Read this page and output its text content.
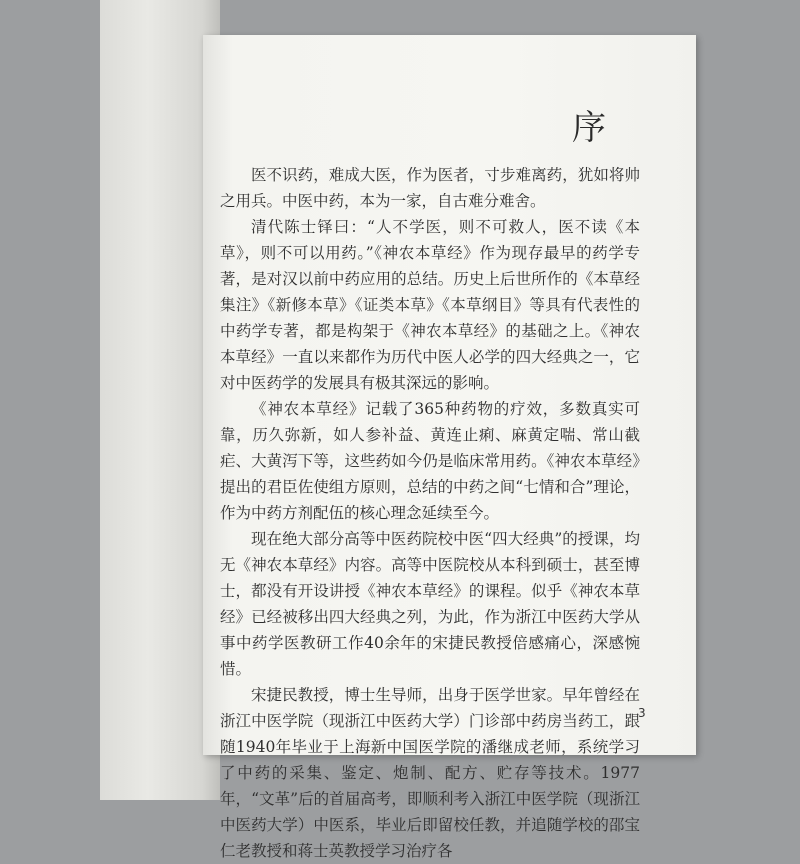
序

医不识药，难成大医，作为医者，寸步难离药，犹如将帅之用兵。中医中药，本为一家，自古难分难舍。

清代陈士铎曰：“人不学医，则不可救人，医不读《本草》，则不可以用药。”《神农本草经》作为现存最早的药学专著，是对汉以前中药应用的总结。历史上后世所作的《本草经集注》《新修本草》《证类本草》《本草纲目》等具有代表性的中药学专著，都是构架于《神农本草经》的基础之上。《神农本草经》一直以来都作为历代中医人必学的四大经典之一，它对中医药学的发展具有极其深远的影响。

《神农本草经》记载了365种药物的疗效，多数真实可靠，历久弥新，如人参补益、黄连止痢、麻黄定喘、常山截疟、大黄泻下等，这些药如今仍是临床常用药。《神农本草经》提出的君臣佐使组方原则，总结的中药之间“七情和合”理论，作为中药方剂配伍的核心理念延续至今。

现在绝大部分高等中医药院校中医“四大经典”的授课，均无《神农本草经》内容。高等中医院校从本科到硕士，甚至博士，都没有开设讲授《神农本草经》的课程。似乎《神农本草经》已经被移出四大经典之列，为此，作为浙江中医药大学从事中药学医教研工作40余年的宋捷民教授倍感痛心，深感惋惜。

宋捷民教授，博士生导师，出身于医学世家。早年曾经在浙江中医学院（现浙江中医药大学）门诊部中药房当药工，跟随1940年毕业于上海新中国医学院的潘继成老师，系统学习了中药的采集、鉴定、炮制、配方、贮存等技术。1977年，“文革”后的首届高考，即顺利考入浙江中医学院（现浙江中医药大学）中医系，毕业后即留校任教，并追随学校的邵宝仁老教授和蒋士英教授学习治疗各

3
